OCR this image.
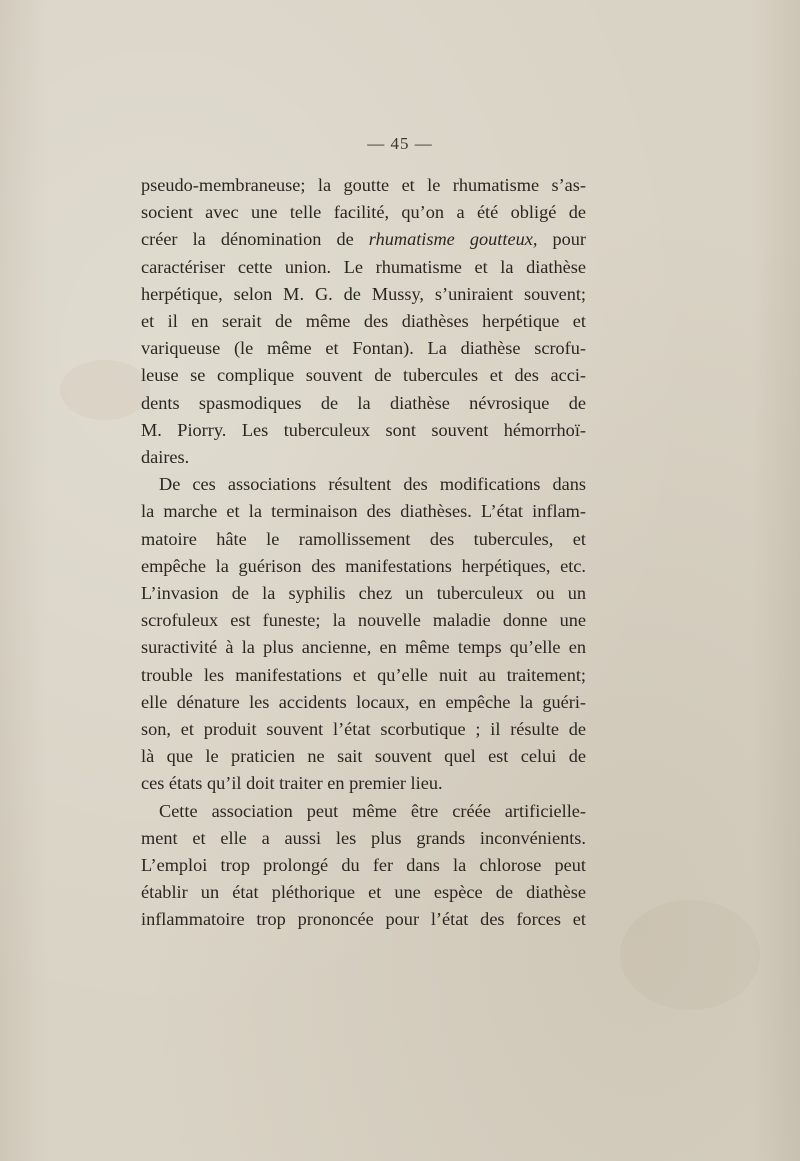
— 45 —

pseudo-membraneuse; la goutte et le rhumatisme s’as-
socient avec une telle facilité, qu’on a été obligé de
créer la dénomination de rhumatisme goutteux, pour
caractériser cette union. Le rhumatisme et la diathèse
herpétique, selon M. G. de Mussy, s’uniraient souvent;
et il en serait de même des diathèses herpétique et
variqueuse (le même et Fontan). La diathèse scrofu-
leuse se complique souvent de tubercules et des acci-
dents spasmodiques de la diathèse névrosique de
M. Piorry. Les tuberculeux sont souvent hémorrhoï-
daires.

De ces associations résultent des modifications dans
la marche et la terminaison des diathèses. L’état inflam-
matoire hâte le ramollissement des tubercules, et
empêche la guérison des manifestations herpétiques, etc.
L’invasion de la syphilis chez un tuberculeux ou un
scrofuleux est funeste; la nouvelle maladie donne une
suractivité à la plus ancienne, en même temps qu’elle en
trouble les manifestations et qu’elle nuit au traitement;
elle dénature les accidents locaux, en empêche la guéri-
son, et produit souvent l’état scorbutique ; il résulte de
là que le praticien ne sait souvent quel est celui de
ces états qu’il doit traiter en premier lieu.

Cette association peut même être créée artificielle-
ment et elle a aussi les plus grands inconvénients.
L’emploi trop prolongé du fer dans la chlorose peut
établir un état pléthorique et une espèce de diathèse
inflammatoire trop prononcée pour l’état des forces et
